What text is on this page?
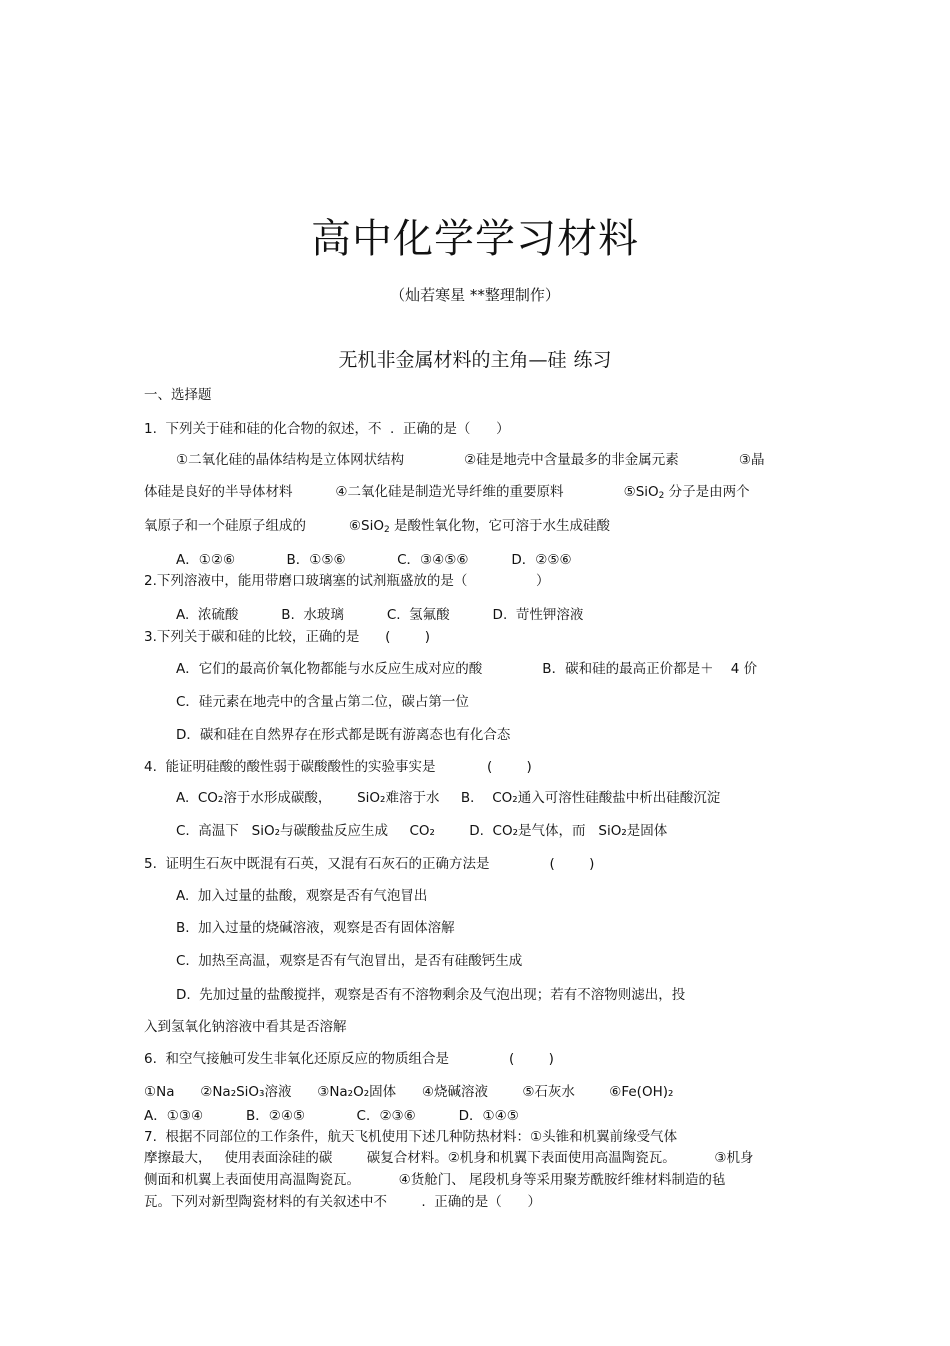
高中化学学习材料
（灿若寒星 **整理制作）
无机非金属材料的主角—硅 练习
一、选择题
1.  下列关于硅和硅的化合物的叙述，不  .  正确的是（      ）
①二氧化硅的晶体结构是立体网状结构              ②硅是地壳中含量最多的非金属元素              ③晶
体硅是良好的半导体材料          ④二氧化硅是制造光导纤维的重要原料              ⑤SiO$_2$ 分子是由两个
氧原子和一个硅原子组成的          ⑥SiO$_2$ 是酸性氧化物，它可溶于水生成硅酸
A．①②⑥            B．①⑤⑥            C．③④⑤⑥          D．②⑤⑥
2.下列溶液中，能用带磨口玻璃塞的试剂瓶盛放的是（                ）
A.  浓硫酸          B.  水玻璃          C.  氢氟酸          D.  苛性钾溶液
3.下列关于碳和硅的比较，正确的是      (        )
A．它们的最高价氧化物都能与水反应生成对应的酸              B．碳和硅的最高正价都是＋    4 价
C．硅元素在地壳中的含量占第二位，碳占第一位
D．碳和硅在自然界存在形式都是既有游离态也有化合态
4.  能证明硅酸的酸性弱于碳酸酸性的实验事实是            (        )
A.  CO₂溶于水形成碳酸，      SiO₂难溶于水     B．  CO₂通入可溶性硅酸盐中析出硅酸沉淀
C.  高温下   SiO₂与碳酸盐反应生成     CO₂        D.  CO₂是气体，而   SiO₂是固体
5.  证明生石灰中既混有石英，又混有石灰石的正确方法是              (        )
A.  加入过量的盐酸，观察是否有气泡冒出
B.  加入过量的烧碱溶液，观察是否有固体溶解
C.  加热至高温，观察是否有气泡冒出，是否有硅酸钙生成
D.  先加过量的盐酸搅拌，观察是否有不溶物剩余及气泡出现；若有不溶物则滤出，投
入到氢氧化钠溶液中看其是否溶解
6.  和空气接触可发生非氧化还原反应的物质组合是              (        )
①Na      ②Na₂SiO₃溶液      ③Na₂O₂固体      ④烧碱溶液        ⑤石灰水        ⑥Fe(OH)₂
A．①③④          B．②④⑤            C．②③⑥          D．①④⑤
7.  根据不同部位的工作条件，航天飞机使用下述几种防热材料：①头锥和机翼前缘受气体
摩擦最大，   使用表面涂硅的碳        碳复合材料。②机身和机翼下表面使用高温陶瓷瓦。         ③机身
侧面和机翼上表面使用高温陶瓷瓦。         ④货舱门、 尾段机身等采用聚芳酰胺纤维材料制造的毡
瓦。下列对新型陶瓷材料的有关叙述中不        .  正确的是（      ）
